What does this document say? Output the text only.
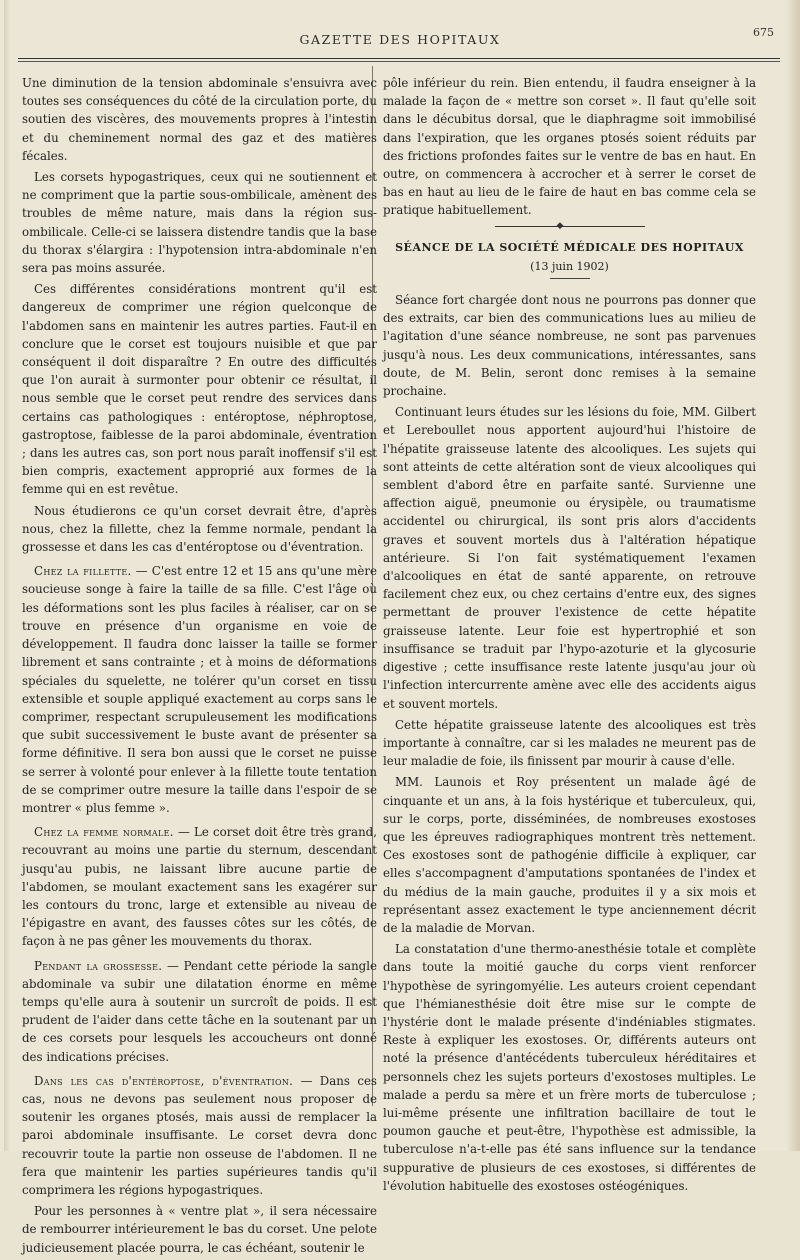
GAZETTE DES HOPITAUX	675

Une diminution de la tension abdominale s'ensuivra avec toutes ses conséquences du côté de la circulation porte, du soutien des viscères, des mouvements propres à l'intestin et du cheminement normal des gaz et des matières fécales.

Les corsets hypogastriques, ceux qui ne soutiennent et ne compriment que la partie sous-ombilicale, amènent des troubles de même nature, mais dans la région sus-ombilicale. Celle-ci se laissera distendre tandis que la base du thorax s'élargira : l'hypotension intra-abdominale n'en sera pas moins assurée.

Ces différentes considérations montrent qu'il est dangereux de comprimer une région quelconque de l'abdomen sans en maintenir les autres parties. Faut-il en conclure que le corset est toujours nuisible et que par conséquent il doit disparaître ? En outre des difficultés que l'on aurait à surmonter pour obtenir ce résultat, il nous semble que le corset peut rendre des services dans certains cas pathologiques : entéroptose, néphroptose, gastroptose, faiblesse de la paroi abdominale, éventration ; dans les autres cas, son port nous paraît inoffensif s'il est bien compris, exactement approprié aux formes de la femme qui en est revêtue.

Nous étudierons ce qu'un corset devrait être, d'après nous, chez la fillette, chez la femme normale, pendant la grossesse et dans les cas d'entéroptose ou d'éventration.

Chez la fillette. — C'est entre 12 et 15 ans qu'une mère soucieuse songe à faire la taille de sa fille. C'est l'âge où les déformations sont les plus faciles à réaliser, car on se trouve en présence d'un organisme en voie de développement. Il faudra donc laisser la taille se former librement et sans contrainte ; et à moins de déformations spéciales du squelette, ne tolérer qu'un corset en tissu extensible et souple appliqué exactement au corps sans le comprimer, respectant scrupuleusement les modifications que subit successivement le buste avant de présenter sa forme définitive. Il sera bon aussi que le corset ne puisse se serrer à volonté pour enlever à la fillette toute tentation de se comprimer outre mesure la taille dans l'espoir de se montrer « plus femme ».

Chez la femme normale. — Le corset doit être très grand, recouvrant au moins une partie du sternum, descendant jusqu'au pubis, ne laissant libre aucune partie de l'abdomen, se moulant exactement sans les exagérer sur les contours du tronc, large et extensible au niveau de l'épigastre en avant, des fausses côtes sur les côtés, de façon à ne pas gêner les mouvements du thorax.

Pendant la grossesse. — Pendant cette période la sangle abdominale va subir une dilatation énorme en même temps qu'elle aura à soutenir un surcroît de poids. Il est prudent de l'aider dans cette tâche en la soutenant par un de ces corsets pour lesquels les accoucheurs ont donné des indications précises.

Dans les cas d'entéroptose, d'éventration. — Dans ces cas, nous ne devons pas seulement nous proposer de soutenir les organes ptosés, mais aussi de remplacer la paroi abdominale insuffisante. Le corset devra donc recouvrir toute la partie non osseuse de l'abdomen. Il ne fera que maintenir les parties supérieures tandis qu'il comprimera les régions hypogastriques.

Pour les personnes à « ventre plat », il sera nécessaire de rembourrer intérieurement le bas du corset. Une pelote judicieusement placée pourra, le cas échéant, soutenir le

pôle inférieur du rein. Bien entendu, il faudra enseigner à la malade la façon de « mettre son corset ». Il faut qu'elle soit dans le décubitus dorsal, que le diaphragme soit immobilisé dans l'expiration, que les organes ptosés soient réduits par des frictions profondes faites sur le ventre de bas en haut. En outre, on commencera à accrocher et à serrer le corset de bas en haut au lieu de le faire de haut en bas comme cela se pratique habituellement.

◆

SÉANCE DE LA SOCIÉTÉ MÉDICALE DES HOPITAUX

(13 juin 1902)

Séance fort chargée dont nous ne pourrons pas donner que des extraits, car bien des communications lues au milieu de l'agitation d'une séance nombreuse, ne sont pas parvenues jusqu'à nous. Les deux communications, intéressantes, sans doute, de M. Belin, seront donc remises à la semaine prochaine.

Continuant leurs études sur les lésions du foie, MM. Gilbert et Lereboullet nous apportent aujourd'hui l'histoire de l'hépatite graisseuse latente des alcooliques. Les sujets qui sont atteints de cette altération sont de vieux alcooliques qui semblent d'abord être en parfaite santé. Survienne une affection aiguë, pneumonie ou érysipèle, ou traumatisme accidentel ou chirurgical, ils sont pris alors d'accidents graves et souvent mortels dus à l'altération hépatique antérieure. Si l'on fait systématiquement l'examen d'alcooliques en état de santé apparente, on retrouve facilement chez eux, ou chez certains d'entre eux, des signes permettant de prouver l'existence de cette hépatite graisseuse latente. Leur foie est hypertrophié et son insuffisance se traduit par l'hypo-azoturie et la glycosurie digestive ; cette insuffisance reste latente jusqu'au jour où l'infection intercurrente amène avec elle des accidents aigus et souvent mortels.

Cette hépatite graisseuse latente des alcooliques est très importante à connaître, car si les malades ne meurent pas de leur maladie de foie, ils finissent par mourir à cause d'elle.

MM. Launois et Roy présentent un malade âgé de cinquante et un ans, à la fois hystérique et tuberculeux, qui, sur le corps, porte, disséminées, de nombreuses exostoses que les épreuves radiographiques montrent très nettement. Ces exostoses sont de pathogénie difficile à expliquer, car elles s'accompagnent d'amputations spontanées de l'index et du médius de la main gauche, produites il y a six mois et représentant assez exactement le type anciennement décrit de la maladie de Morvan.

La constatation d'une thermo-anesthésie totale et complète dans toute la moitié gauche du corps vient renforcer l'hypothèse de syringomyélie. Les auteurs croient cependant que l'hémianesthésie doit être mise sur le compte de l'hystérie dont le malade présente d'indéniables stigmates. Reste à expliquer les exostoses. Or, différents auteurs ont noté la présence d'antécédents tuberculeux héréditaires et personnels chez les sujets porteurs d'exostoses multiples. Le malade a perdu sa mère et un frère morts de tuberculose ; lui-même présente une infiltration bacillaire de tout le poumon gauche et peut-être, l'hypothèse est admissible, la tuberculose n'a-t-elle pas été sans influence sur la tendance suppurative de plusieurs de ces exostoses, si différentes de l'évolution habituelle des exostoses ostéogéniques.
